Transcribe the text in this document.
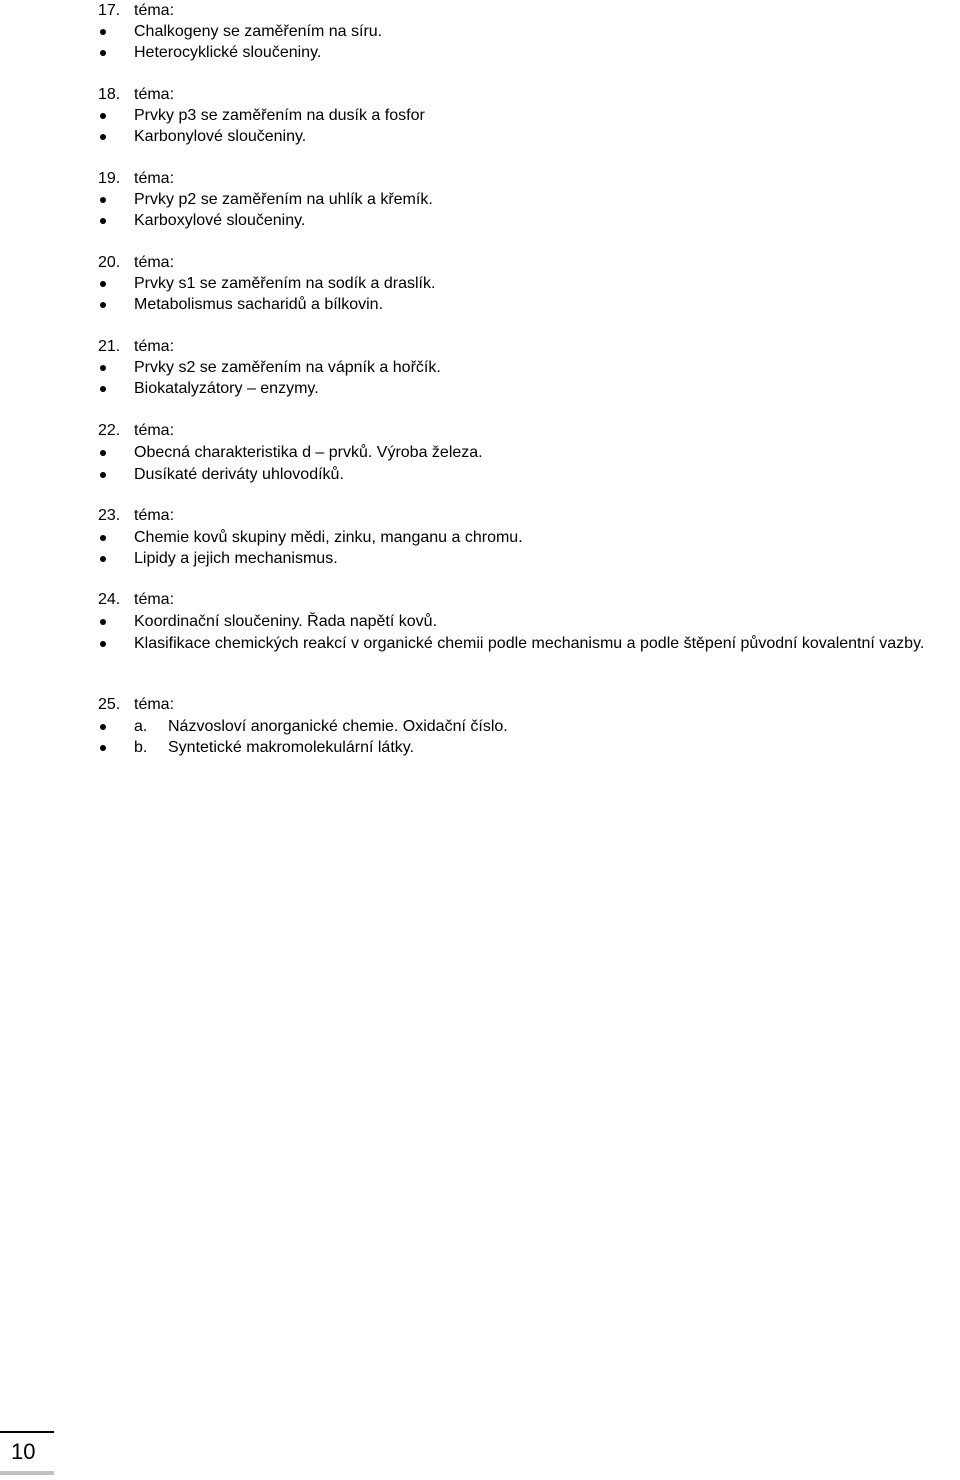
17. téma:
Chalkogeny se zaměřením na síru.
Heterocyklické sloučeniny.
18. téma:
Prvky p3 se zaměřením na dusík a fosfor
Karbonylové sloučeniny.
19. téma:
Prvky p2 se zaměřením na uhlík a křemík.
Karboxylové sloučeniny.
20. téma:
Prvky s1 se zaměřením na sodík a draslík.
Metabolismus sacharidů a bílkovin.
21. téma:
Prvky s2 se zaměřením na vápník a hořčík.
Biokatalyzátory – enzymy.
22. téma:
Obecná charakteristika d – prvků. Výroba železa.
Dusíkaté deriváty uhlovodíků.
23. téma:
Chemie kovů skupiny mědi, zinku, manganu a chromu.
Lipidy a jejich mechanismus.
24. téma:
Koordinační sloučeniny. Řada napětí kovů.
Klasifikace chemických reakcí v organické chemii podle mechanismu a podle štěpení původní kovalentní vazby.
25. téma:
a. Názvosloví anorganické chemie. Oxidační číslo.
b. Syntetické makromolekulární látky.
10
